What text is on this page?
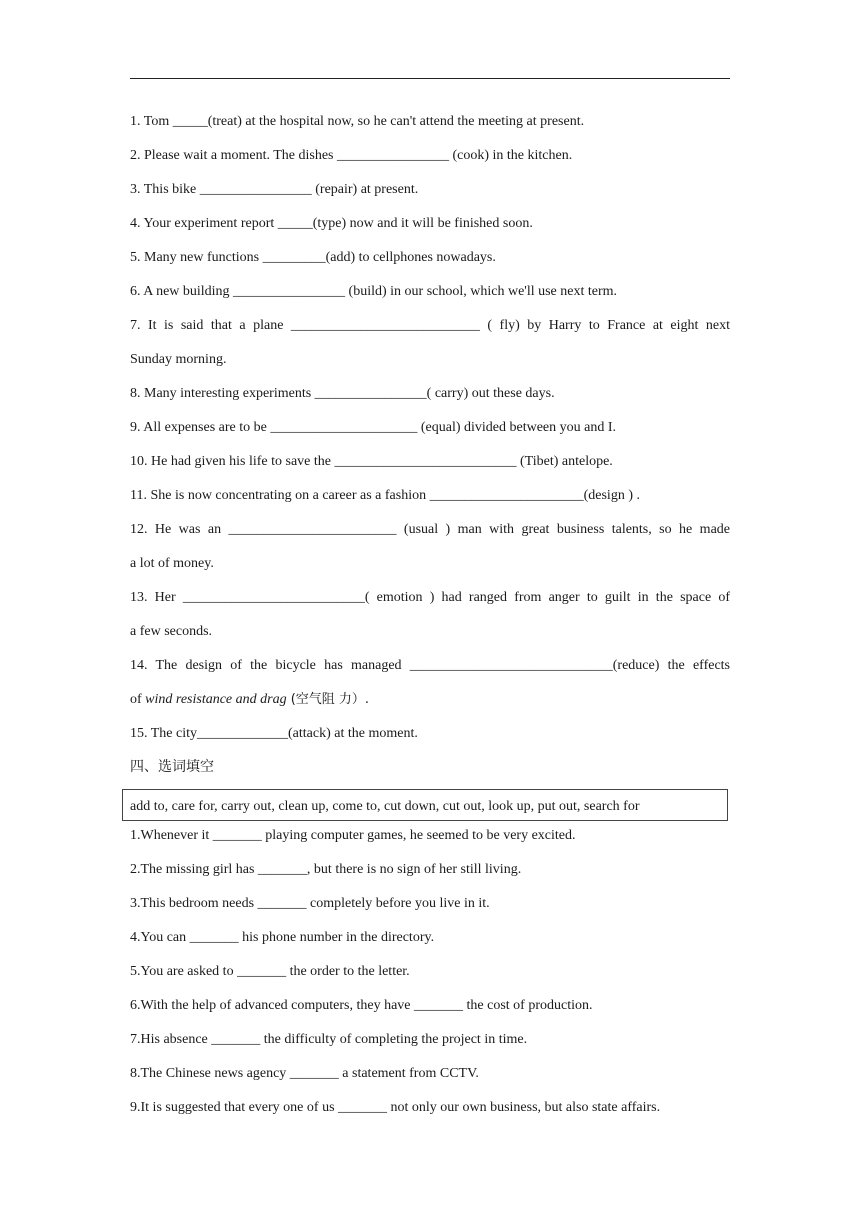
1. Tom _____(treat) at the hospital now, so he can't attend the meeting at present.
2. Please wait a moment. The dishes ________________ (cook) in the kitchen.
3. This bike ________________ (repair) at present.
4. Your experiment report _____(type) now and it will be finished soon.
5. Many new functions _________(add) to cellphones nowadays.
6. A new building ________________ (build) in our school, which we'll use next term.
7. It is said that a plane ___________________________ ( fly) by Harry to France at eight next
Sunday morning.
8. Many interesting experiments ________________( carry) out these days.
9. All expenses are to be _____________________ (equal) divided between you and I.
10. He had given his life to save the __________________________ (Tibet) antelope.
11. She is now concentrating on a career as a fashion ______________________(design ) .
12. He was an ________________________ (usual ) man with great business talents, so he made
a lot of money.
13. Her __________________________( emotion ) had ranged from anger to guilt in the space of
a few seconds.
14. The design of the bicycle has managed _____________________________(reduce) the effects
of wind resistance and drag (空气阻 力）.
15. The city_____________(attack) at the moment.
四、选词填空
add to, care for, carry out, clean up, come to, cut down, cut out, look up, put out, search for
1.Whenever it _______ playing computer games, he seemed to be very excited.
2.The missing girl has _______, but there is no sign of her still living.
3.This bedroom needs _______ completely before you live in it.
4.You can _______ his phone number in the directory.
5.You are asked to _______ the order to the letter.
6.With the help of advanced computers, they have _______ the cost of production.
7.His absence _______ the difficulty of completing the project in time.
8.The Chinese news agency _______ a statement from CCTV.
9.It is suggested that every one of us _______ not only our own business, but also state affairs.
